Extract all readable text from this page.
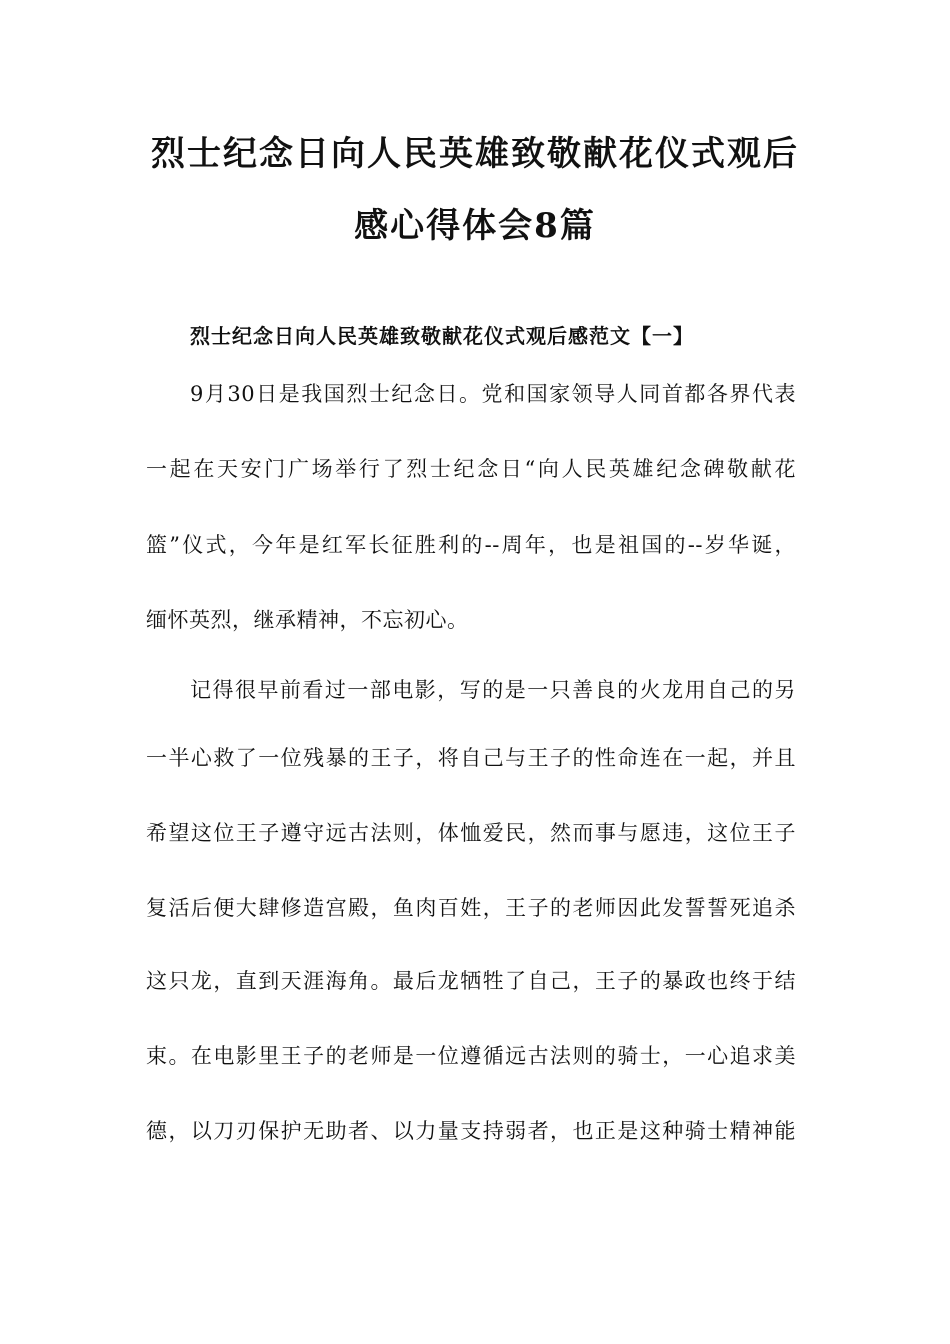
烈士纪念日向人民英雄致敬献花仪式观后
感心得体会8篇
烈士纪念日向人民英雄致敬献花仪式观后感范文【一】
9月30日是我国烈士纪念日。党和国家领导人同首都各界代表
一起在天安门广场举行了烈士纪念日“向人民英雄纪念碑敬献花
篮”仪式，今年是红军长征胜利的--周年，也是祖国的--岁华诞，
缅怀英烈，继承精神，不忘初心。
记得很早前看过一部电影，写的是一只善良的火龙用自己的另
一半心救了一位残暴的王子，将自己与王子的性命连在一起，并且
希望这位王子遵守远古法则，体恤爱民，然而事与愿违，这位王子
复活后便大肆修造宫殿，鱼肉百姓，王子的老师因此发誓誓死追杀
这只龙，直到天涯海角。最后龙牺牲了自己，王子的暴政也终于结
束。在电影里王子的老师是一位遵循远古法则的骑士，一心追求美
德，以刀刃保护无助者、以力量支持弱者，也正是这种骑士精神能
